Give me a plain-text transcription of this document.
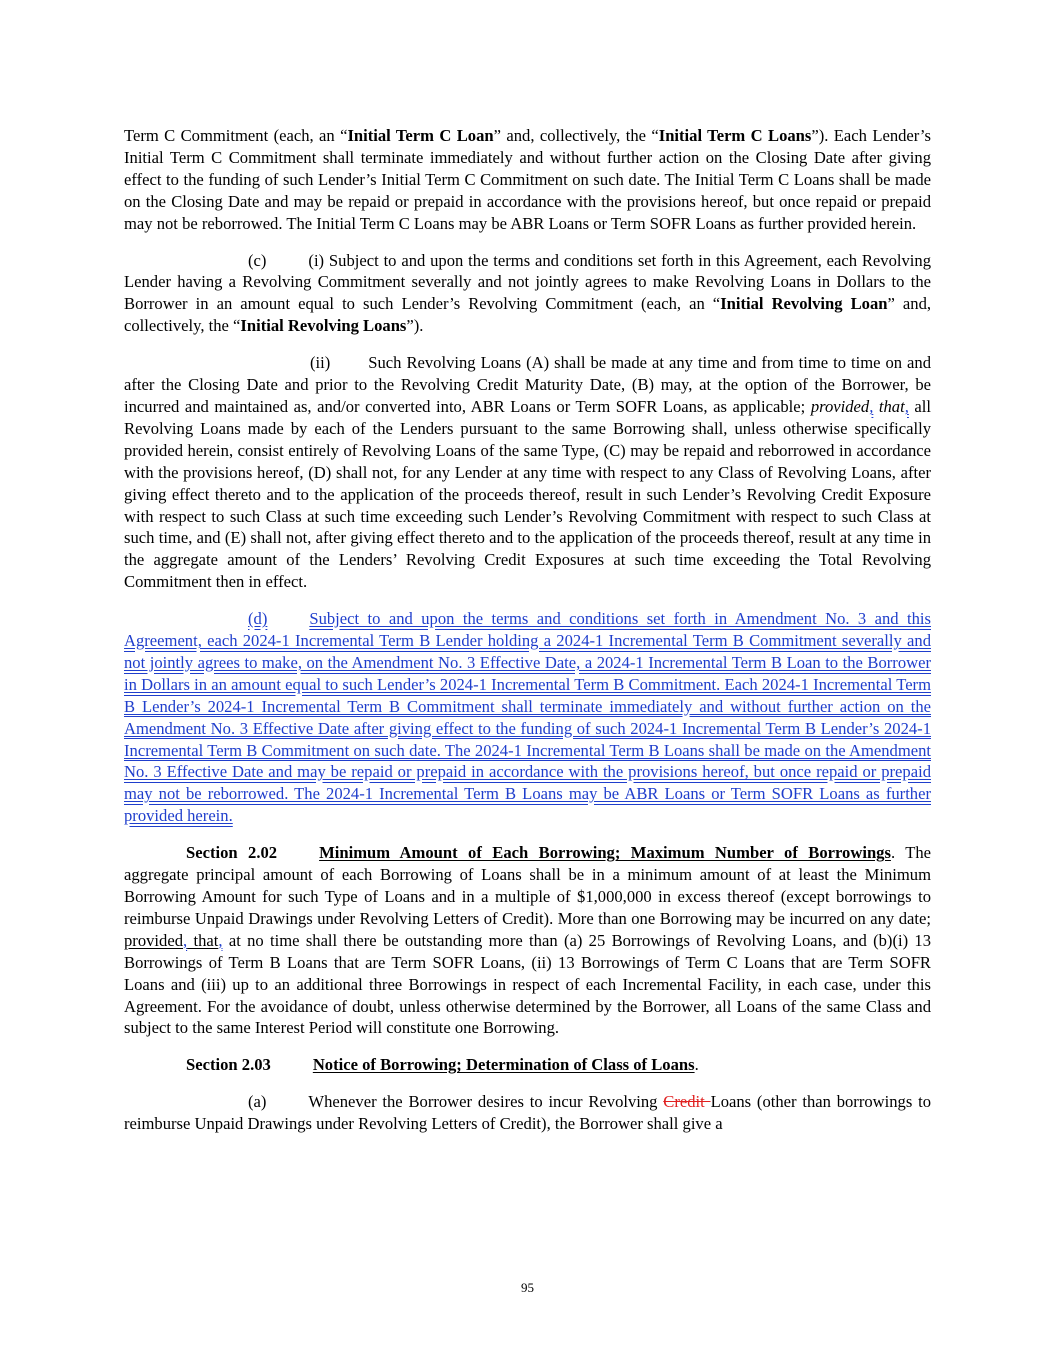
Term C Commitment (each, an “Initial Term C Loan” and, collectively, the “Initial Term C Loans”). Each Lender’s Initial Term C Commitment shall terminate immediately and without further action on the Closing Date after giving effect to the funding of such Lender’s Initial Term C Commitment on such date. The Initial Term C Loans shall be made on the Closing Date and may be repaid or prepaid in accordance with the provisions hereof, but once repaid or prepaid may not be reborrowed. The Initial Term C Loans may be ABR Loans or Term SOFR Loans as further provided herein.

(c)	(i) Subject to and upon the terms and conditions set forth in this Agreement, each Revolving Lender having a Revolving Commitment severally and not jointly agrees to make Revolving Loans in Dollars to the Borrower in an amount equal to such Lender’s Revolving Commitment (each, an “Initial Revolving Loan” and, collectively, the “Initial Revolving Loans”).

(ii) Such Revolving Loans (A) shall be made at any time and from time to time on and after the Closing Date and prior to the Revolving Credit Maturity Date, (B) may, at the option of the Borrower, be incurred and maintained as, and/or converted into, ABR Loans or Term SOFR Loans, as applicable; provided, that, all Revolving Loans made by each of the Lenders pursuant to the same Borrowing shall, unless otherwise specifically provided herein, consist entirely of Revolving Loans of the same Type, (C) may be repaid and reborrowed in accordance with the provisions hereof, (D) shall not, for any Lender at any time with respect to any Class of Revolving Loans, after giving effect thereto and to the application of the proceeds thereof, result in such Lender’s Revolving Credit Exposure with respect to such Class at such time exceeding such Lender’s Revolving Commitment with respect to such Class at such time, and (E) shall not, after giving effect thereto and to the application of the proceeds thereof, result at any time in the aggregate amount of the Lenders’ Revolving Credit Exposures at such time exceeding the Total Revolving Commitment then in effect.

(d)	Subject to and upon the terms and conditions set forth in Amendment No. 3 and this Agreement, each 2024-1 Incremental Term B Lender holding a 2024-1 Incremental Term B Commitment severally and not jointly agrees to make, on the Amendment No. 3 Effective Date, a 2024-1 Incremental Term B Loan to the Borrower in Dollars in an amount equal to such Lender’s 2024-1 Incremental Term B Commitment. Each 2024-1 Incremental Term B Lender’s 2024-1 Incremental Term B Commitment shall terminate immediately and without further action on the Amendment No. 3 Effective Date after giving effect to the funding of such 2024-1 Incremental Term B Lender’s 2024-1 Incremental Term B Commitment on such date. The 2024-1 Incremental Term B Loans shall be made on the Amendment No. 3 Effective Date and may be repaid or prepaid in accordance with the provisions hereof, but once repaid or prepaid may not be reborrowed. The 2024-1 Incremental Term B Loans may be ABR Loans or Term SOFR Loans as further provided herein.

Section 2.02	Minimum Amount of Each Borrowing; Maximum Number of Borrowings. The aggregate principal amount of each Borrowing of Loans shall be in a minimum amount of at least the Minimum Borrowing Amount for such Type of Loans and in a multiple of $1,000,000 in excess thereof (except borrowings to reimburse Unpaid Drawings under Revolving Letters of Credit). More than one Borrowing may be incurred on any date; provided, that, at no time shall there be outstanding more than (a) 25 Borrowings of Revolving Loans, and (b)(i) 13 Borrowings of Term B Loans that are Term SOFR Loans, (ii) 13 Borrowings of Term C Loans that are Term SOFR Loans and (iii) up to an additional three Borrowings in respect of each Incremental Facility, in each case, under this Agreement. For the avoidance of doubt, unless otherwise determined by the Borrower, all Loans of the same Class and subject to the same Interest Period will constitute one Borrowing.

Section 2.03	Notice of Borrowing; Determination of Class of Loans.

(a)	Whenever the Borrower desires to incur Revolving Credit Loans (other than borrowings to reimburse Unpaid Drawings under Revolving Letters of Credit), the Borrower shall give a

95
